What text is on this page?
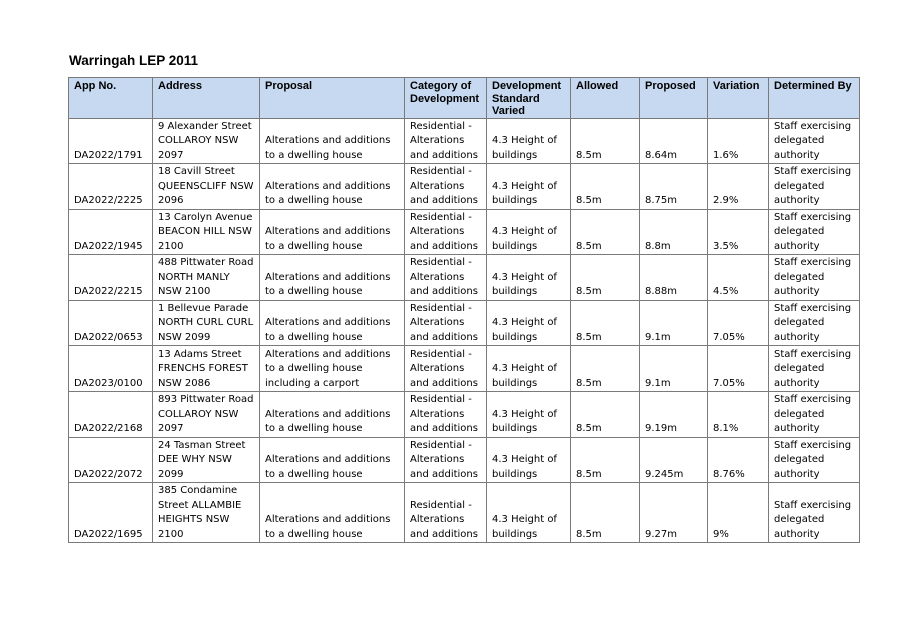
Warringah LEP 2011
App No.	Address	Proposal	Category of Development	Development Standard Varied	Allowed	Proposed	Variation	Determined By

DA2022/1791	9 Alexander Street
COLLAROY NSW
2097	Alterations and additions
to a dwelling house	Residential -
Alterations
and additions	4.3 Height of
buildings	8.5m	8.64m	1.6%	Staff exercising
delegated
authority

DA2022/2225	18 Cavill Street
QUEENSCLIFF NSW
2096	Alterations and additions
to a dwelling house	Residential -
Alterations
and additions	4.3 Height of
buildings	8.5m	8.75m	2.9%	Staff exercising
delegated
authority

DA2022/1945	13 Carolyn Avenue
BEACON HILL NSW
2100	Alterations and additions
to a dwelling house	Residential -
Alterations
and additions	4.3 Height of
buildings	8.5m	8.8m	3.5%	Staff exercising
delegated
authority

DA2022/2215	488 Pittwater Road
NORTH MANLY
NSW 2100	Alterations and additions
to a dwelling house	Residential -
Alterations
and additions	4.3 Height of
buildings	8.5m	8.88m	4.5%	Staff exercising
delegated
authority

DA2022/0653	1 Bellevue Parade
NORTH CURL CURL
NSW 2099	Alterations and additions
to a dwelling house	Residential -
Alterations
and additions	4.3 Height of
buildings	8.5m	9.1m	7.05%	Staff exercising
delegated
authority

DA2023/0100	13 Adams Street
FRENCHS FOREST
NSW 2086	Alterations and additions
to a dwelling house
including a carport	Residential -
Alterations
and additions	4.3 Height of
buildings	8.5m	9.1m	7.05%	Staff exercising
delegated
authority

DA2022/2168	893 Pittwater Road
COLLAROY NSW
2097	Alterations and additions
to a dwelling house	Residential -
Alterations
and additions	4.3 Height of
buildings	8.5m	9.19m	8.1%	Staff exercising
delegated
authority

DA2022/2072	24 Tasman Street
DEE WHY NSW
2099	Alterations and additions
to a dwelling house	Residential -
Alterations
and additions	4.3 Height of
buildings	8.5m	9.245m	8.76%	Staff exercising
delegated
authority

DA2022/1695	385 Condamine
Street ALLAMBIE
HEIGHTS NSW
2100	Alterations and additions
to a dwelling house	Residential -
Alterations
and additions	4.3 Height of
buildings	8.5m	9.27m	9%	Staff exercising
delegated
authority
